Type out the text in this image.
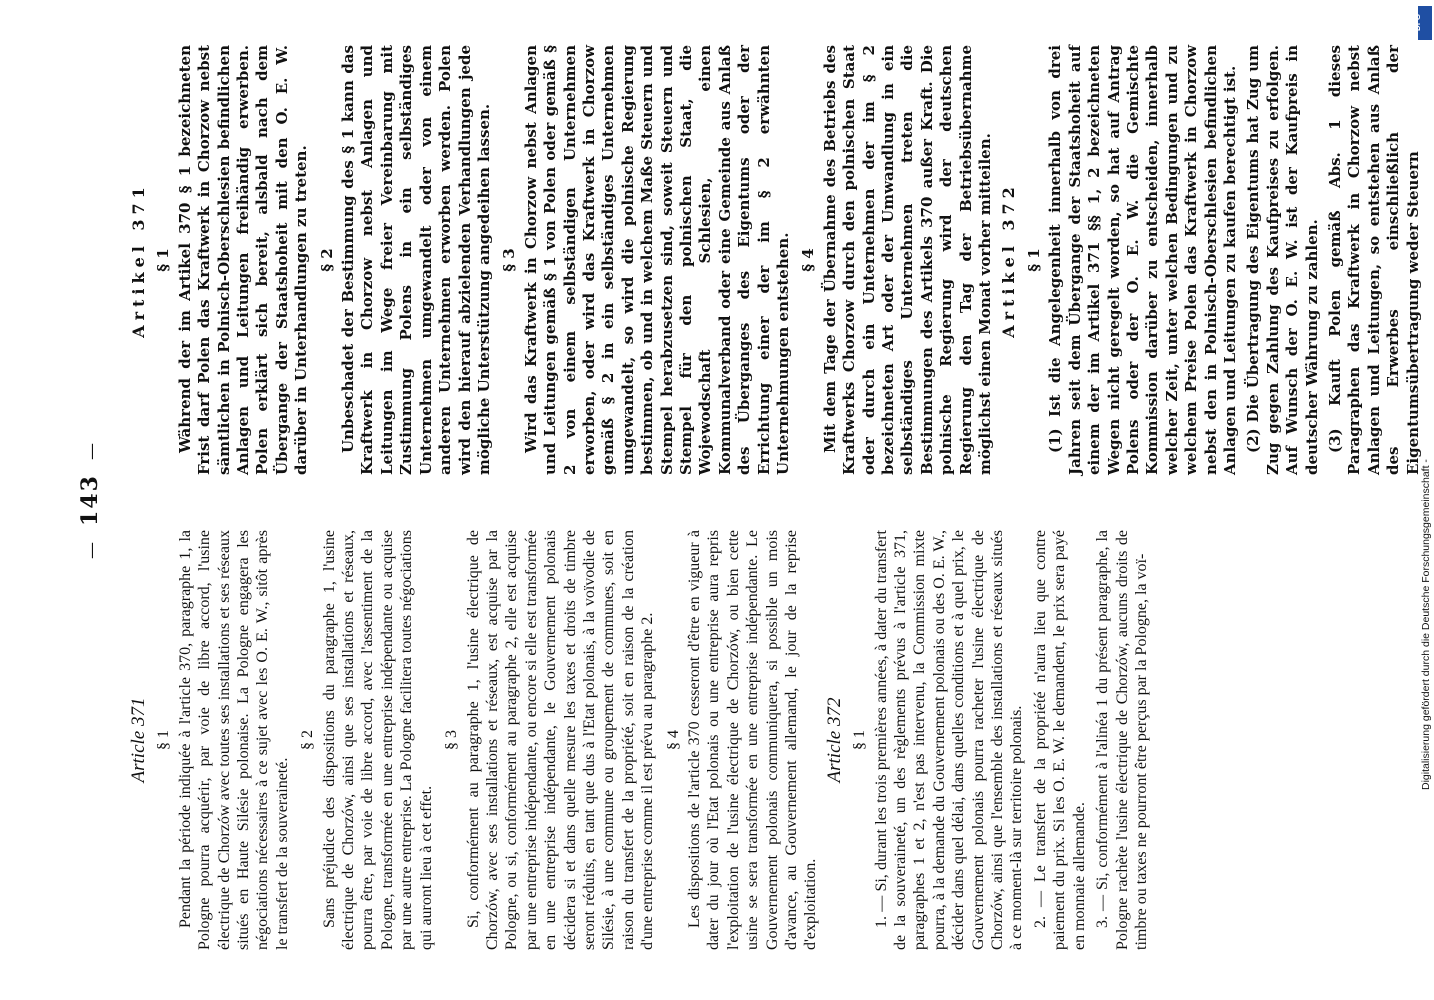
—143—
Article 371 § 1 Pendant la période indiquée à l'article 370, paragraphe 1, la Pologne pourra acquérir, par voie de libre accord, l'usine électrique de Chorzów avec toutes ses installations et ses réseaux situés en Haute Silésie polonaise. La Pologne engagera les négociations nécessaires à ce sujet avec les O. E. W., sitôt après le transfert de la souveraineté.

§ 2 Sans préjudice des dispositions du paragraphe 1, l'usine électrique de Chorzów, ainsi que ses installations et réseaux, pourra être, par voie de libre accord, avec l'assentiment de la Pologne, transformée en une entreprise indépendante ou acquise par une autre entreprise. La Pologne facilitera toutes négociations qui auront lieu à cet effet.

§ 3 Si, conformément au paragraphe 1, l'usine électrique de Chorzów, avec ses installations et réseaux, est acquise par la Pologne, ou si, conformément au paragraphe 2, elle est acquise par une entreprise indépendante, ou encore si elle est transformée en une entreprise indépendante, le Gouvernement polonais décidera si et dans quelle mesure les taxes et droits de timbre seront réduits, en tant que dus à l'Etat polonais, à la voïvodie de Silésie, à une commune ou groupement de communes, soit en raison du transfert de la propriété, soit en raison de la création d'une entreprise comme il est prévu au paragraphe 2. § 4 Les dispositions de l'article 370 cesseront d'être en vigueur à dater du jour où l'Etat polonais ou une entreprise aura repris l'exploitation de l'usine électrique de Chorzów, ou bien cette usine se sera transformée en une entreprise indépendante. Le Gouvernement polonais communiquera, si possible un mois d'avance, au Gouvernement allemand, le jour de la reprise d'exploitation.

Article 372 § 1 1. — Si, durant les trois premières années, à dater du transfert de la souveraineté, un des règlements prévus à l'article 371, paragraphes 1 et 2, n'est pas intervenu, la Commission mixte pourra, à la demande du Gouvernement polonais ou des O. E. W., décider dans quel délai, dans quelles conditions et à quel prix, le Gouvernement polonais pourra racheter l'usine électrique de Chorzów, ainsi que l'ensemble des installations et réseaux situés à ce moment-là sur territoire polonais. 2. — Le transfert de la propriété n'aura lieu que contre paiement du prix. Si les O. E. W. le demandent, le prix sera payé en monnaie allemande. 3. — Si, conformément à l'alinéa 1 du présent paragraphe, la Pologne rachète l'usine électrique de Chorzów, aucuns droits de timbre ou taxes ne pourront être perçus par la Pologne, la voï-

Artikel 371 § 1 Während der im Artikel 370 § 1 bezeichneten Frist darf Polen das Kraftwerk in Chorzow nebst sämtlichen in Polnisch-Oberschlesien befindlichen Anlagen und Leitungen freihändig erwerben. Polen erklärt sich bereit, alsbald nach dem Übergange der Staatshoheit mit den O. E. W. darüber in Unterhandlungen zu treten. § 2 Unbeschadet der Bestimmung des § 1 kann das Kraftwerk in Chorzow nebst Anlagen und Leitungen im Wege freier Vereinbarung mit Zustimmung Polens in ein selbständiges Unternehmen umgewandelt oder von einem anderen Unternehmen erworben werden. Polen wird den hierauf abzielenden Verhandlungen jede mögliche Unterstützung angedeihen lassen. § 3 Wird das Kraftwerk in Chorzow nebst Anlagen und Leitungen gemäß § 1 von Polen oder gemäß § 2 von einem selbständigen Unternehmen erworben, oder wird das Kraftwerk in Chorzow gemäß § 2 in ein selbständiges Unternehmen umgewandelt, so wird die polnische Regierung bestimmen, ob und in welchem Maße Steuern und Stempel herabzusetzen sind, soweit Steuern und Stempel für den polnischen Staat, die Wojewodschaft Schlesien, einen Kommunalverband oder eine Gemeinde aus Anlaß des Überganges des Eigentums oder der Errichtung einer der im § 2 erwähnten Unternehmungen entstehen. § 4 Mit dem Tage der Übernahme des Betriebs des Kraftwerks Chorzow durch den polnischen Staat oder durch ein Unternehmen der im § 2 bezeichneten Art oder der Umwandlung in ein selbständiges Unternehmen treten die Bestimmungen des Artikels 370 außer Kraft. Die polnische Regierung wird der deutschen Regierung den Tag der Betriebsübernahme möglichst einen Monat vorher mitteilen. Artikel 372 § 1 (1) Ist die Angelegenheit innerhalb von drei Jahren seit dem Übergange der Staatshoheit auf einem der im Artikel 371 §§ 1, 2 bezeichneten Wegen nicht geregelt worden, so hat auf Antrag Polens oder der O. E. W. die Gemischte Kommission darüber zu entscheiden, innerhalb welcher Zeit, unter welchen Bedingungen und zu welchem Preise Polen das Kraftwerk in Chorzow nebst den in Polnisch-Oberschlesien befindlichen Anlagen und Leitungen zu kaufen berechtigt ist. (2) Die Übertragung des Eigentums hat Zug um Zug gegen Zahlung des Kaufpreises zu erfolgen. Auf Wunsch der O. E. W. ist der Kaufpreis in deutscher Währung zu zahlen. (3) Kauft Polen gemäß Abs. 1 dieses Paragraphen das Kraftwerk in Chorzow nebst Anlagen und Leitungen, so entstehen aus Anlaß des Erwerbes einschließlich der Eigentumsübertragung weder Steuern

DFG
Digitalisierung gefördert durch die Deutsche Forschungsgemeinschaft -
